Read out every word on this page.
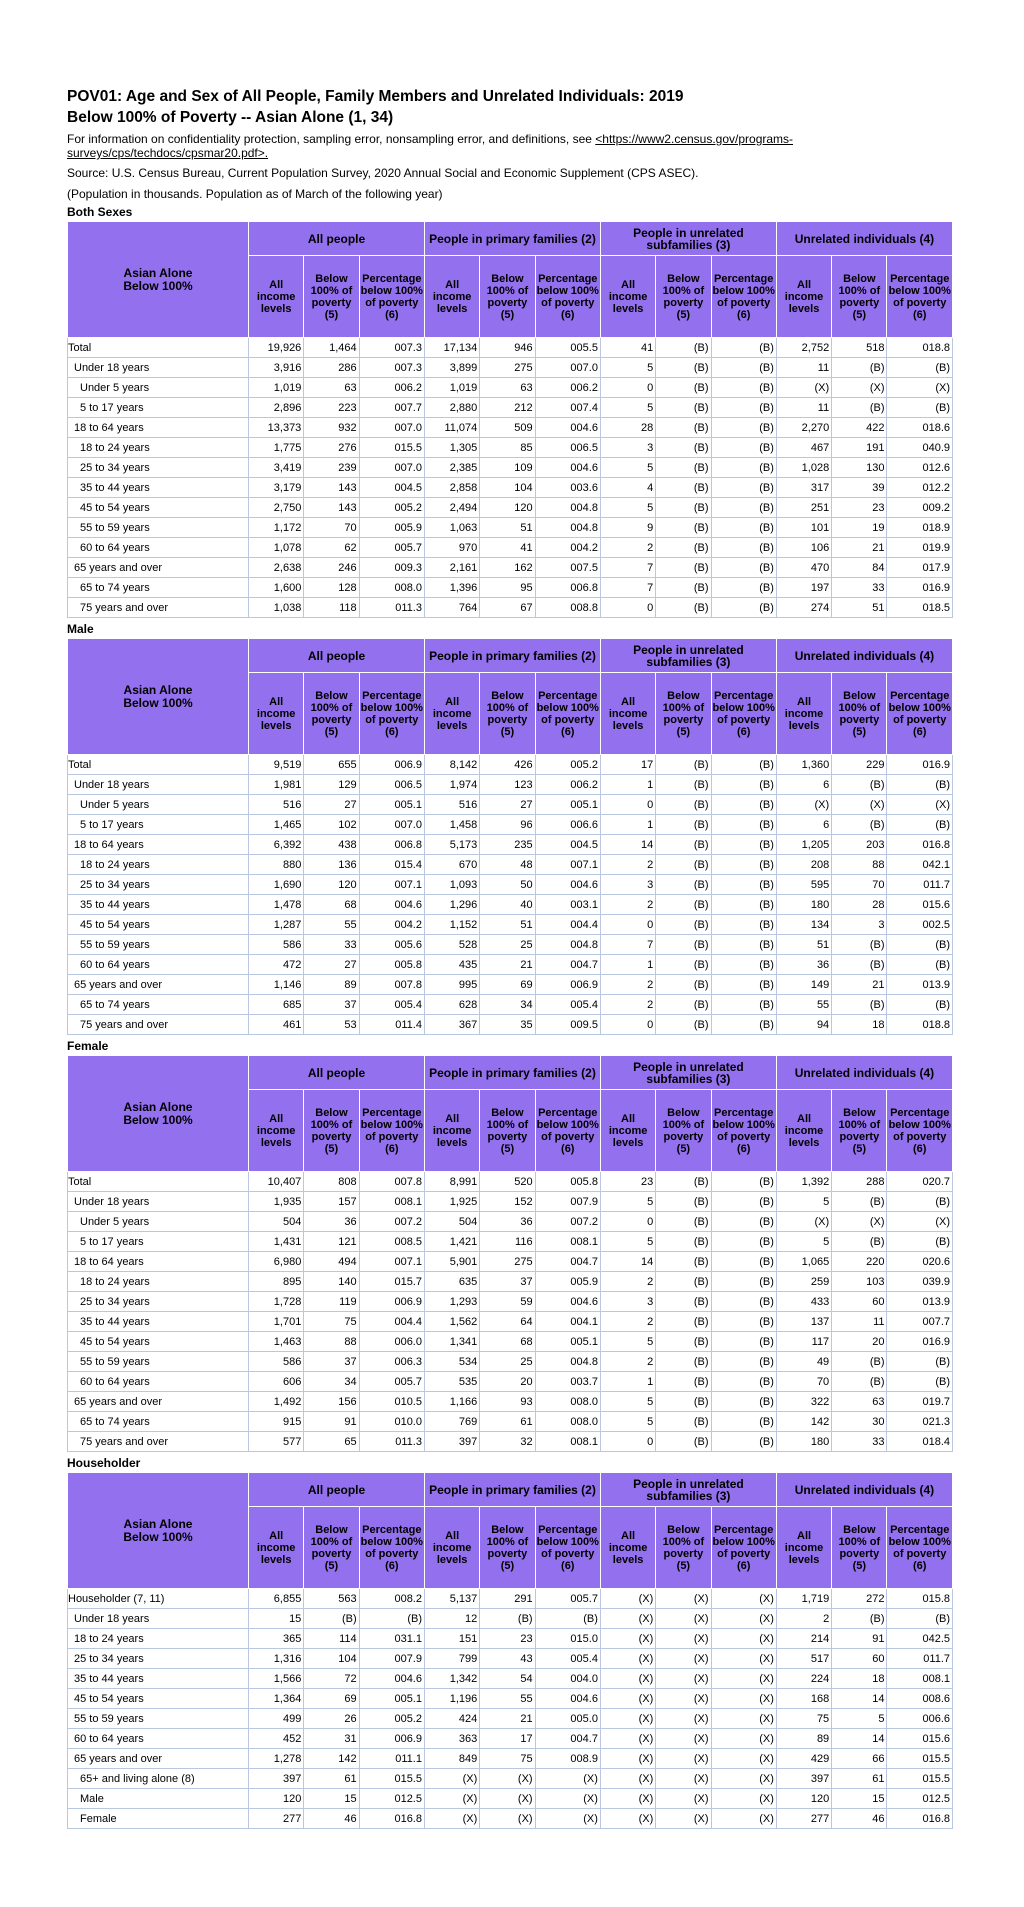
POV01: Age and Sex of All People, Family Members and Unrelated Individuals: 2019

Below 100% of Poverty -- Asian Alone (1, 34)

For information on confidentiality protection, sampling error, nonsampling error, and definitions, see <https://www2.census.gov/programs-surveys/cps/techdocs/cpsmar20.pdf>.

Source: U.S. Census Bureau, Current Population Survey, 2020 Annual Social and Economic Supplement (CPS ASEC).

(Population in thousands. Population as of March of the following year)

Both Sexes
Asian Alone
Below 100%	All people			People in primary families (2)			People in unrelated subfamilies (3)			Unrelated individuals (4)		
	All income levels	Below 100% of poverty (5)	Percentage below 100% of poverty (6)	All income levels	Below 100% of poverty (5)	Percentage below 100% of poverty (6)	All income levels	Below 100% of poverty (5)	Percentage below 100% of poverty (6)	All income levels	Below 100% of poverty (5)	Percentage below 100% of poverty (6)
Total	19,926	1,464	007.3	17,134	946	005.5	41	(B)	(B)	2,752	518	018.8
Under 18 years	3,916	286	007.3	3,899	275	007.0	5	(B)	(B)	11	(B)	(B)
Under 5 years	1,019	63	006.2	1,019	63	006.2	0	(B)	(B)	(X)	(X)	(X)
5 to 17 years	2,896	223	007.7	2,880	212	007.4	5	(B)	(B)	11	(B)	(B)
18 to 64 years	13,373	932	007.0	11,074	509	004.6	28	(B)	(B)	2,270	422	018.6
18 to 24 years	1,775	276	015.5	1,305	85	006.5	3	(B)	(B)	467	191	040.9
25 to 34 years	3,419	239	007.0	2,385	109	004.6	5	(B)	(B)	1,028	130	012.6
35 to 44 years	3,179	143	004.5	2,858	104	003.6	4	(B)	(B)	317	39	012.2
45 to 54 years	2,750	143	005.2	2,494	120	004.8	5	(B)	(B)	251	23	009.2
55 to 59 years	1,172	70	005.9	1,063	51	004.8	9	(B)	(B)	101	19	018.9
60 to 64 years	1,078	62	005.7	970	41	004.2	2	(B)	(B)	106	21	019.9
65 years and over	2,638	246	009.3	2,161	162	007.5	7	(B)	(B)	470	84	017.9
65 to 74 years	1,600	128	008.0	1,396	95	006.8	7	(B)	(B)	197	33	016.9
75 years and over	1,038	118	011.3	764	67	008.8	0	(B)	(B)	274	51	018.5
Male
Asian Alone
Below 100%	All people			People in primary families (2)			People in unrelated subfamilies (3)			Unrelated individuals (4)		
	All income levels	Below 100% of poverty (5)	Percentage below 100% of poverty (6)	All income levels	Below 100% of poverty (5)	Percentage below 100% of poverty (6)	All income levels	Below 100% of poverty (5)	Percentage below 100% of poverty (6)	All income levels	Below 100% of poverty (5)	Percentage below 100% of poverty (6)
Total	9,519	655	006.9	8,142	426	005.2	17	(B)	(B)	1,360	229	016.9
Under 18 years	1,981	129	006.5	1,974	123	006.2	1	(B)	(B)	6	(B)	(B)
Under 5 years	516	27	005.1	516	27	005.1	0	(B)	(B)	(X)	(X)	(X)
5 to 17 years	1,465	102	007.0	1,458	96	006.6	1	(B)	(B)	6	(B)	(B)
18 to 64 years	6,392	438	006.8	5,173	235	004.5	14	(B)	(B)	1,205	203	016.8
18 to 24 years	880	136	015.4	670	48	007.1	2	(B)	(B)	208	88	042.1
25 to 34 years	1,690	120	007.1	1,093	50	004.6	3	(B)	(B)	595	70	011.7
35 to 44 years	1,478	68	004.6	1,296	40	003.1	2	(B)	(B)	180	28	015.6
45 to 54 years	1,287	55	004.2	1,152	51	004.4	0	(B)	(B)	134	3	002.5
55 to 59 years	586	33	005.6	528	25	004.8	7	(B)	(B)	51	(B)	(B)
60 to 64 years	472	27	005.8	435	21	004.7	1	(B)	(B)	36	(B)	(B)
65 years and over	1,146	89	007.8	995	69	006.9	2	(B)	(B)	149	21	013.9
65 to 74 years	685	37	005.4	628	34	005.4	2	(B)	(B)	55	(B)	(B)
75 years and over	461	53	011.4	367	35	009.5	0	(B)	(B)	94	18	018.8
Female
Asian Alone
Below 100%	All people			People in primary families (2)			People in unrelated subfamilies (3)			Unrelated individuals (4)		
	All income levels	Below 100% of poverty (5)	Percentage below 100% of poverty (6)	All income levels	Below 100% of poverty (5)	Percentage below 100% of poverty (6)	All income levels	Below 100% of poverty (5)	Percentage below 100% of poverty (6)	All income levels	Below 100% of poverty (5)	Percentage below 100% of poverty (6)
Total	10,407	808	007.8	8,991	520	005.8	23	(B)	(B)	1,392	288	020.7
Under 18 years	1,935	157	008.1	1,925	152	007.9	5	(B)	(B)	5	(B)	(B)
Under 5 years	504	36	007.2	504	36	007.2	0	(B)	(B)	(X)	(X)	(X)
5 to 17 years	1,431	121	008.5	1,421	116	008.1	5	(B)	(B)	5	(B)	(B)
18 to 64 years	6,980	494	007.1	5,901	275	004.7	14	(B)	(B)	1,065	220	020.6
18 to 24 years	895	140	015.7	635	37	005.9	2	(B)	(B)	259	103	039.9
25 to 34 years	1,728	119	006.9	1,293	59	004.6	3	(B)	(B)	433	60	013.9
35 to 44 years	1,701	75	004.4	1,562	64	004.1	2	(B)	(B)	137	11	007.7
45 to 54 years	1,463	88	006.0	1,341	68	005.1	5	(B)	(B)	117	20	016.9
55 to 59 years	586	37	006.3	534	25	004.8	2	(B)	(B)	49	(B)	(B)
60 to 64 years	606	34	005.7	535	20	003.7	1	(B)	(B)	70	(B)	(B)
65 years and over	1,492	156	010.5	1,166	93	008.0	5	(B)	(B)	322	63	019.7
65 to 74 years	915	91	010.0	769	61	008.0	5	(B)	(B)	142	30	021.3
75 years and over	577	65	011.3	397	32	008.1	0	(B)	(B)	180	33	018.4
Householder
Asian Alone
Below 100%	All people			People in primary families (2)			People in unrelated subfamilies (3)			Unrelated individuals (4)		
	All income levels	Below 100% of poverty (5)	Percentage below 100% of poverty (6)	All income levels	Below 100% of poverty (5)	Percentage below 100% of poverty (6)	All income levels	Below 100% of poverty (5)	Percentage below 100% of poverty (6)	All income levels	Below 100% of poverty (5)	Percentage below 100% of poverty (6)
Householder (7, 11)	6,855	563	008.2	5,137	291	005.7	(X)	(X)	(X)	1,719	272	015.8
Under 18 years	15	(B)	(B)	12	(B)	(B)	(X)	(X)	(X)	2	(B)	(B)
18 to 24 years	365	114	031.1	151	23	015.0	(X)	(X)	(X)	214	91	042.5
25 to 34 years	1,316	104	007.9	799	43	005.4	(X)	(X)	(X)	517	60	011.7
35 to 44 years	1,566	72	004.6	1,342	54	004.0	(X)	(X)	(X)	224	18	008.1
45 to 54 years	1,364	69	005.1	1,196	55	004.6	(X)	(X)	(X)	168	14	008.6
55 to 59 years	499	26	005.2	424	21	005.0	(X)	(X)	(X)	75	5	006.6
60 to 64 years	452	31	006.9	363	17	004.7	(X)	(X)	(X)	89	14	015.6
65 years and over	1,278	142	011.1	849	75	008.9	(X)	(X)	(X)	429	66	015.5
65+ and living alone (8)	397	61	015.5	(X)	(X)	(X)	(X)	(X)	(X)	397	61	015.5
Male	120	15	012.5	(X)	(X)	(X)	(X)	(X)	(X)	120	15	012.5
Female	277	46	016.8	(X)	(X)	(X)	(X)	(X)	(X)	277	46	016.8
